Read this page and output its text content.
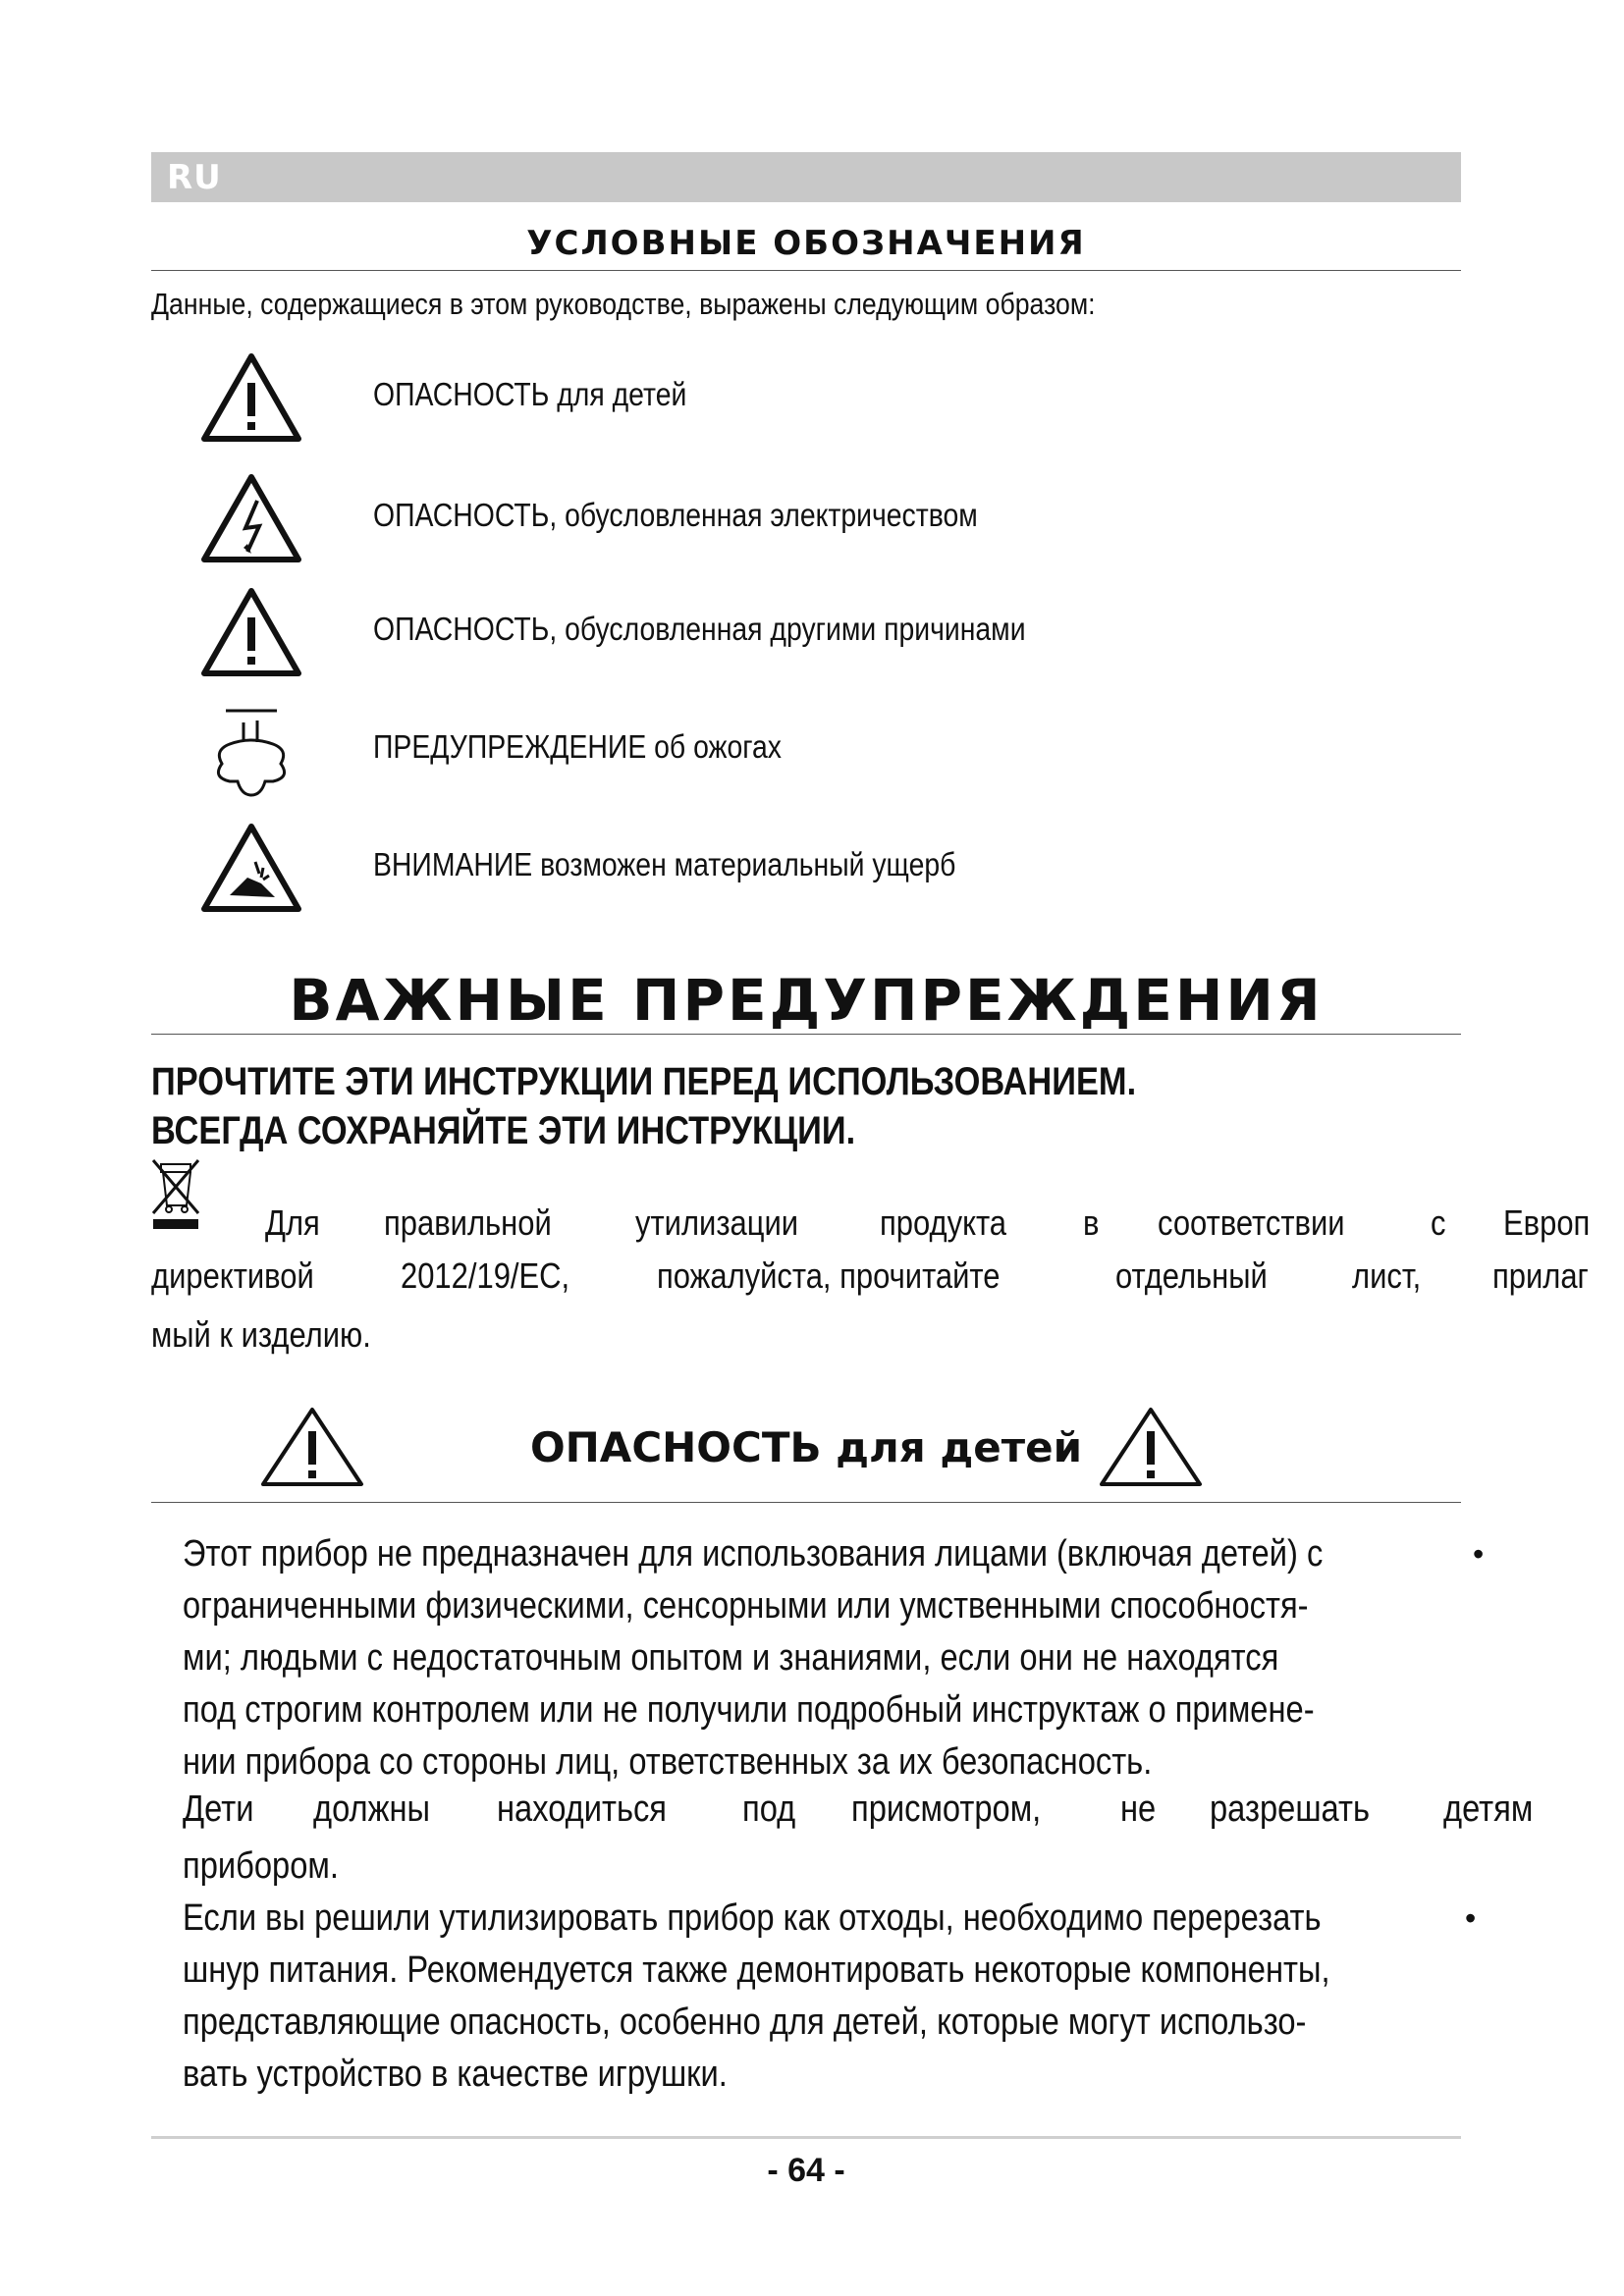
RU
УСЛОВНЫЕ ОБОЗНАЧЕНИЯ
Данные, содержащиеся в этом руководстве, выражены следующим образом:
ОПАСНОСТЬ для детей
ОПАСНОСТЬ, обусловленная электричеством
ОПАСНОСТЬ, обусловленная другими причинами
ПРЕДУПРЕЖДЕНИЕ об ожогах
ВНИМАНИЕ возможен материальный ущерб
ВАЖНЫЕ ПРЕДУПРЕЖДЕНИЯ
ПРОЧТИТЕ ЭТИ ИНСТРУКЦИИ ПЕРЕД ИСПОЛЬЗОВАНИЕМ.
ВСЕГДА СОХРАНЯЙТЕ ЭТИ ИНСТРУКЦИИ.
Для правильной утилизации продукта в соответствии с Европ
директивой 2012/19/EC, пожалуйста, прочитайте	отдельный лист, прилаг
мый к изделию.
ОПАСНОСТЬ для детей
Этот прибор не предназначен для использования лицами (включая детей) с	•
ограниченными физическими, сенсорными или умственными способностя-
ми; людьми с недостаточным опытом и знаниями, если они не находятся
под строгим контролем или не получили подробный инструктаж о примене-
нии прибора со стороны лиц, ответственных за их безопасность.
Дети должны находиться под присмотром, не разрешать детям
прибором.
Если вы решили утилизировать прибор как отходы, необходимо перерезать	•
шнур питания. Рекомендуется также демонтировать некоторые компоненты,
представляющие опасность, особенно для детей, которые могут использо-
вать устройство в качестве игрушки.
- 64 -
